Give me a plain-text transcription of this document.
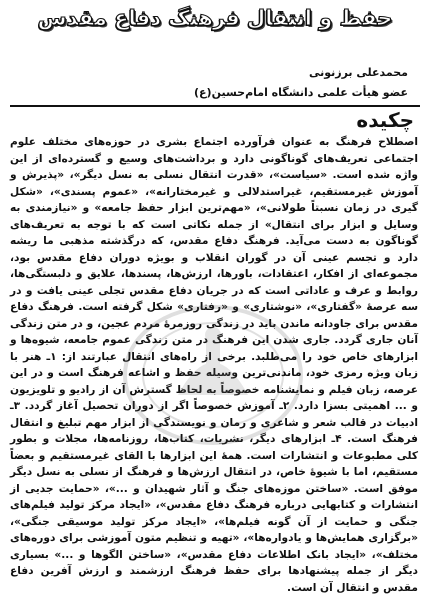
حفظ و انتقال فرهنگ دفاع مقدس
محمدعلی برزنونی
عضو هیأت علمی دانشگاه امام‌حسین(ع)
چکیده

اصطلاح فرهنگ به عنوان فرآورده اجتماع بشری در حوزه‌های مختلف علوم اجتماعی تعریف‌های گوناگونی دارد و برداشت‌های وسیع و گسترده‌ای از این واژه شده است. «سیاست»، «قدرت انتقال نسلی به نسل دیگر»، «پذیرش و آموزش غیرمستقیم، غیراستدلالی و غیرمختارانه»، «عموم پسندی»، «شکل گیری در زمان نسبتاً طولانی»، «مهم‌ترین ابزار حفظ جامعه» و «نیازمندی به وسایل و ابزار برای انتقال» از جمله نکاتی است که با توجه به تعریف‌های گوناگون به دست می‌آید. فرهنگ دفاع مقدس، که درگذشته مذهبی ما ریشه دارد و تجسم عینی آن در گوران انقلاب و بویژه دوران دفاع مقدس بود، مجموعه‌ای از افکار، اعتقادات، باورها، ارزش‌ها، پسندها، علایق و دلبستگی‌ها، روابط و عرف و عاداتی است که در جریان دفاع مقدس تجلی عینی یافت و در سه عرصهٔ «گفتاری»، «نوشتاری» و «رفتاری» شکل گرفته است. فرهنگ دفاع مقدس برای جاودانه ماندن باید در زندگی روزمرهٔ مردم عجین، و در متن زندگی آنان جاری گردد. جاری شدن این فرهنگ در متن زندگی عموم جامعه، شیوه‌ها و ابزارهای خاص خود را می‌طلبد. برخی از راه‌های انتقال عبارتند از: ۱ـ هنر با زبان ویژه رمزی خود، ماندنی‌ترین وسیله حفظ و اشاعه فرهنگ است و در این عرصه، زبان فیلم و نمایشنامه خصوصاً به لحاظ گسترش آن از رادیو و تلویزیون و ... اهمیتی بسزا دارد. ۲ـ آموزش خصوصاً اگر از دوران تحصیل آغاز گردد. ۳ـ ادبیات در قالب شعر و شاعری و رمان و نویسندگی از ابزار مهم تبلیغ و انتقال فرهنگ است. ۴ـ ابزارهای دیگر، نشریات، کتاب‌ها، روزنامه‌ها، مجلات و بطور کلی مطبوعات و انتشارات است. همهٔ این ابزارها با القای غیرمستقیم و بعضاً مستقیم، اما با شیوهٔ خاص، در انتقال ارزش‌ها و فرهنگ از نسلی به نسل دیگر موفق است. «ساختن موزه‌های جنگ و آثار شهیدان و ...»، «حمایت جدیی از انتشارات و کتابهایی درباره فرهنگ دفاع مقدس»، «ایجاد مرکز تولید فیلم‌های جنگی و حمایت از آن گونه فیلم‌ها»، «ایجاد مرکز تولید موسیقی جنگی»، «برگزاری همایش‌ها و یادواره‌ها»، «تهیه و تنظیم متون آموزشی برای دوره‌های مختلف»، «ایجاد بانک اطلاعات دفاع مقدس»، «ساختن الگوها و ...» بسیاری دیگر از جمله پیشنهادها برای حفظ فرهنگ ارزشمند و ارزش آفرین دفاع مقدس و انتقال آن است.
